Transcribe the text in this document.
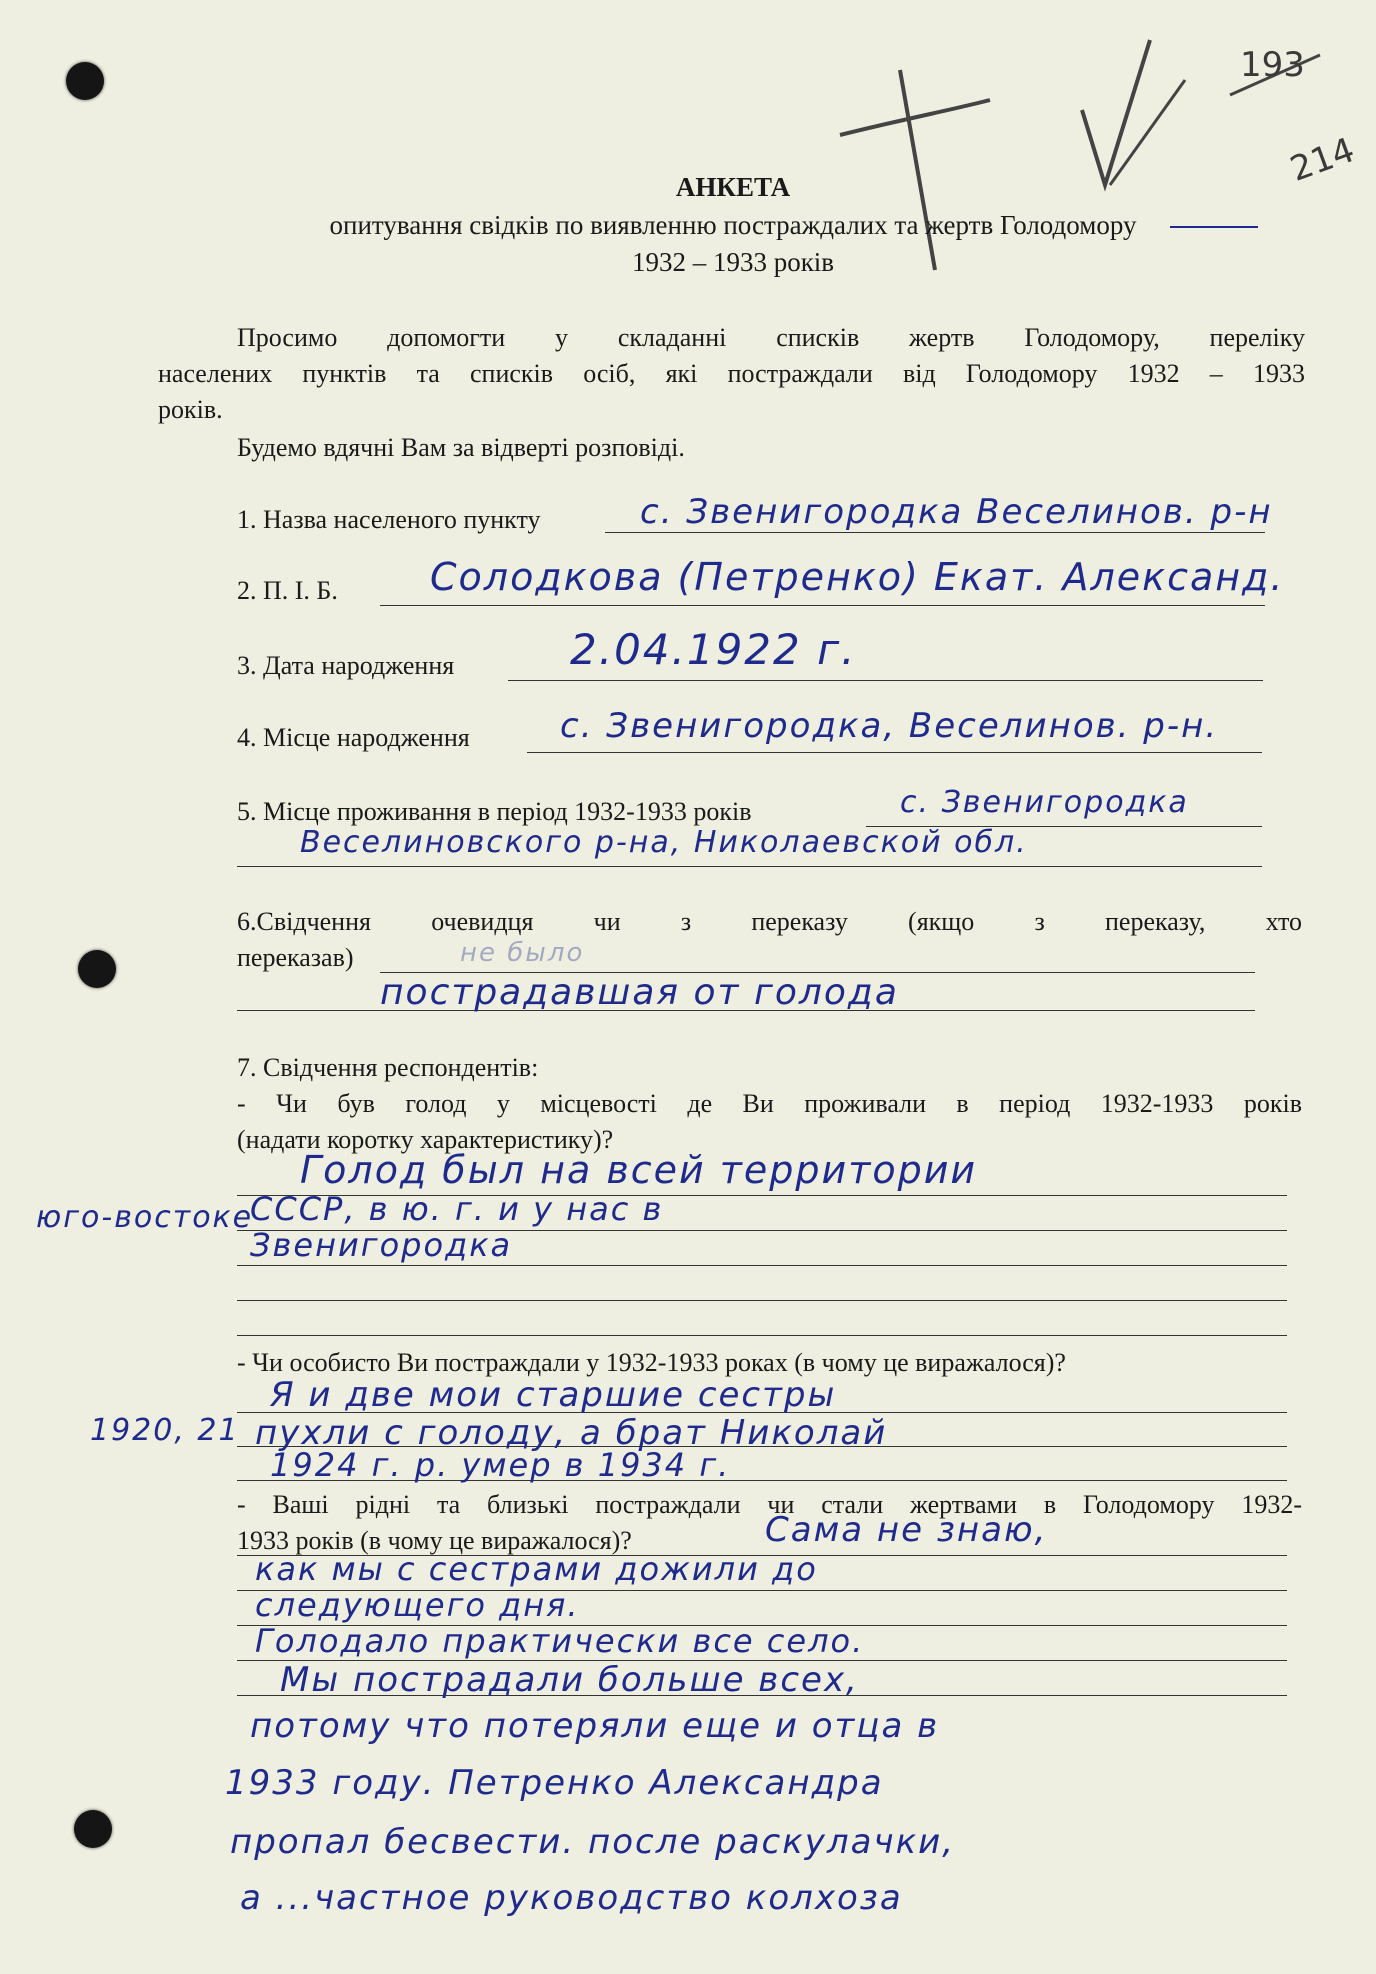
193
214
АНКЕТА
опитування свідків по виявленню постраждалих та жертв Голодомору
1932 – 1933 років
Просимо допомогти у складанні списків жертв Голодомору, переліку
населених пунктів та списків осіб, які постраждали від Голодомору 1932 – 1933
років.
Будемо вдячні Вам за відверті розповіді.
1. Назва населеного пункту	с. Звенигородка Веселинов. р-н
2. П. І. Б. Солодкова (Петренко) Екат. Александ.
3. Дата народження	2.04.1922 г.
4. Місце народження	с. Звенигородка, Веселинов. р-н.
5. Місце проживання в період 1932-1933 років	с. Звенигородка
Веселиновского р-на, Николаевской обл.
6.Свідчення очевидця чи з переказу (якщо з переказу, хто
переказав)	не было
пострадавшая от голода
7. Свідчення респондентів:
- Чи був голод у місцевості де Ви проживали в період 1932-1933 років
(надати коротку характеристику)?
Голод был на всей территории
СССР, в ю. г. и у нас в
юго-востоке
Звенигородка
- Чи особисто Ви постраждали у 1932-1933 роках (в чому це виражалося)?
Я и две мои старшие сестры
1920, 21 пухли с голоду, а брат Николай
1924 г. р. умер в 1934 г.
- Ваші рідні та близькі постраждали чи стали жертвами в Голодомору 1932-
1933 років (в чому це виражалося)?	Сама не знаю,
как мы с сестрами дожили до
следующего дня.
Голодало практически все село.
Мы пострадали больше всех,
потому что потеряли еще и отца в
1933 году. Петренко Александра
пропал бесвести. после раскулачки,
а ...частное руководство колхоза
